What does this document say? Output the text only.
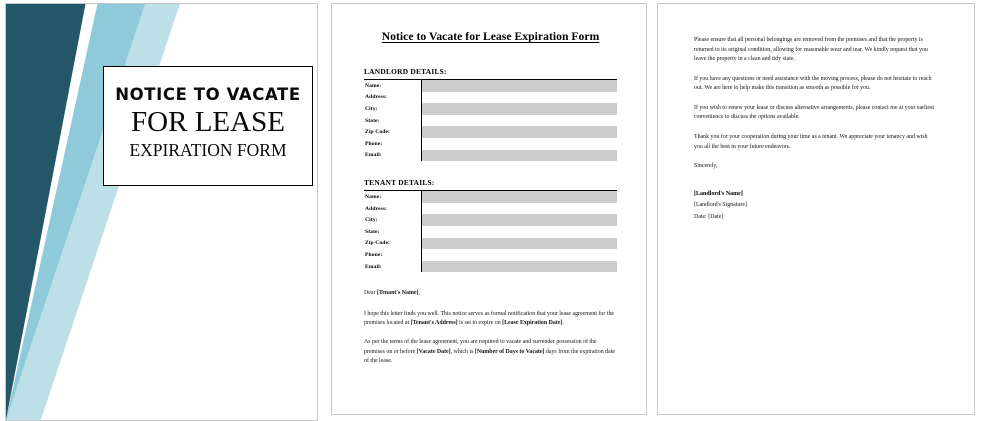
NOTICE TO VACATE
FOR LEASE
EXPIRATION FORM
Notice to Vacate for Lease Expiration Form
LANDLORD DETAILS:
Name:	
Address:	
City:	
State:	
Zip Code:	
Phone:	
Email:	
TENANT DETAILS:
Name:	
Address:	
City:	
State:	
Zip Code:	
Phone:	
Email:	

Dear [Tenant's Name],

I hope this letter finds you well. This notice serves as formal notification that your lease agreement for the premises located at [Tenant's Address] is set to expire on [Lease Expiration Date].

As per the terms of the lease agreement, you are required to vacate and surrender possession of the premises on or before [Vacate Date], which is [Number of Days to Vacate] days from the expiration date of the lease.

Please ensure that all personal belongings are removed from the premises and that the property is returned to its original condition, allowing for reasonable wear and tear. We kindly request that you leave the property in a clean and tidy state.

If you have any questions or need assistance with the moving process, please do not hesitate to reach out. We are here to help make this transition as smooth as possible for you.

If you wish to renew your lease or discuss alternative arrangements, please contact me at your earliest convenience to discuss the options available.

Thank you for your cooperation during your time as a tenant. We appreciate your tenancy and wish you all the best in your future endeavors.

Sincerely,

[Landlord's Name]

[Landlord's Signature]

Date: [Date]
